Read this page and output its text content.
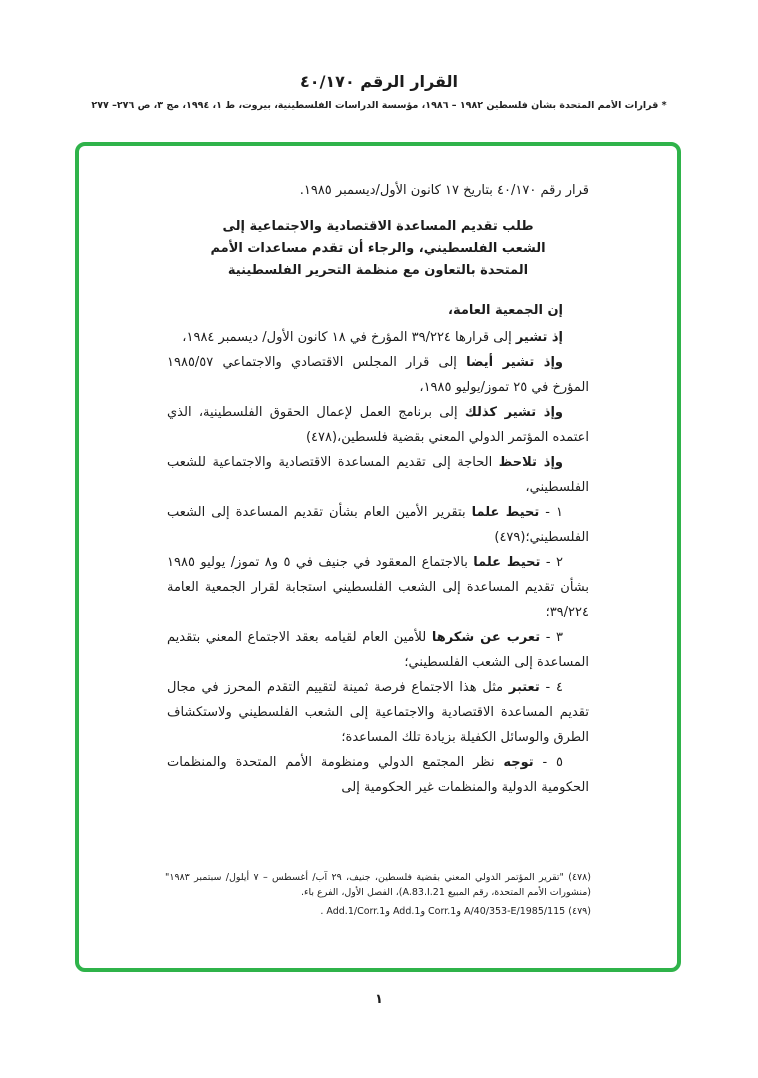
القرار الرقم ٤٠/١٧٠
* قرارات الأمم المتحدة بشأن فلسطين ١٩٨٢ – ١٩٨٦، مؤسسة الدراسات الفلسطينية، بيروت، ط ١، ١٩٩٤، مج ٣، ص ٢٧٦– ٢٧٧

قرار رقم ٤٠/١٧٠ بتاريخ ١٧ كانون الأول/ديسمبر ١٩٨٥.

طلب تقديم المساعدة الاقتصادية والاجتماعية إلى الشعب الفلسطيني، والرجاء أن تقدم مساعدات الأمم المتحدة بالتعاون مع منظمة التحرير الفلسطينية

إن الجمعية العامة،

إذ تشير إلى قرارها ٣٩/٢٢٤ المؤرخ في ١٨ كانون الأول/ ديسمبر ١٩٨٤،

وإذ تشير أيضا إلى قرار المجلس الاقتصادي والاجتماعي ١٩٨٥/٥٧ المؤرخ في ٢٥ تموز/يوليو ١٩٨٥،

وإذ تشير كذلك إلى برنامج العمل لإعمال الحقوق الفلسطينية، الذي اعتمده المؤتمر الدولي المعني بقضية فلسطين،(٤٧٨)

وإذ تلاحظ الحاجة إلى تقديم المساعدة الاقتصادية والاجتماعية للشعب الفلسطيني،

١ - تحيط علما بتقرير الأمين العام بشأن تقديم المساعدة إلى الشعب الفلسطيني؛(٤٧٩)

٢ - تحيط علما بالاجتماع المعقود في جنيف في ٥ و٨ تموز/ يوليو ١٩٨٥ بشأن تقديم المساعدة إلى الشعب الفلسطيني استجابة لقرار الجمعية العامة ٣٩/٢٢٤؛

٣ - تعرب عن شكرها للأمين العام لقيامه بعقد الاجتماع المعني بتقديم المساعدة إلى الشعب الفلسطيني؛

٤ - تعتبر مثل هذا الاجتماع فرصة ثمينة لتقييم التقدم المحرز في مجال تقديم المساعدة الاقتصادية والاجتماعية إلى الشعب الفلسطيني ولاستكشاف الطرق والوسائل الكفيلة بزيادة تلك المساعدة؛

٥ - توجه نظر المجتمع الدولي ومنظومة الأمم المتحدة والمنظمات الحكومية الدولية والمنظمات غير الحكومية إلى

(٤٧٨) "تقرير المؤتمر الدولي المعني بقضية فلسطين، جنيف، ٢٩ آب/ أغسطس – ٧ أيلول/ سبتمبر ١٩٨٣" (منشورات الأمم المتحدة، رقم المبيع A.83.I.21)، الفصل الأول، الفرع باء.

(٤٧٩) A/40/353-E/1985/115 وCorr.1 وAdd.1 وAdd.1/Corr.1 .

١
